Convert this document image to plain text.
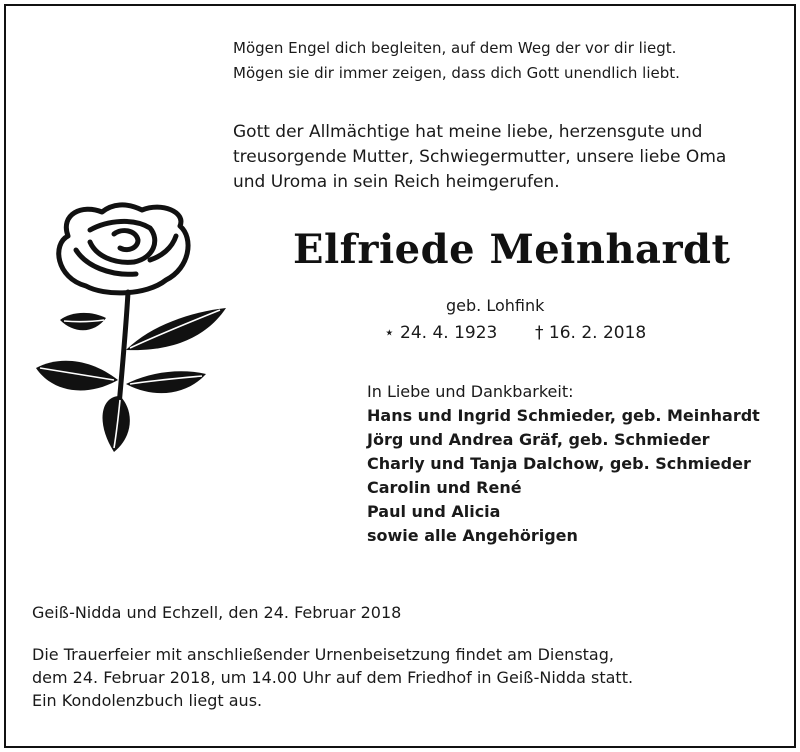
Mögen Engel dich begleiten, auf dem Weg der vor dir liegt.
Mögen sie dir immer zeigen, dass dich Gott unendlich liebt.
Gott der Allmächtige hat meine liebe, herzensgute und
treusorgende Mutter, Schwiegermutter, unsere liebe Oma
und Uroma in sein Reich heimgerufen.
Elfriede Meinhardt
geb. Lohfink
⋆ 24. 4. 1923 † 16. 2. 2018
In Liebe und Dankbarkeit:
Hans und Ingrid Schmieder, geb. Meinhardt
Jörg und Andrea Gräf, geb. Schmieder
Charly und Tanja Dalchow, geb. Schmieder
Carolin und René
Paul und Alicia
sowie alle Angehörigen
Geiß-Nidda und Echzell, den 24. Februar 2018
Die Trauerfeier mit anschließender Urnenbeisetzung findet am Dienstag,
dem 24. Februar 2018, um 14.00 Uhr auf dem Friedhof in Geiß-Nidda statt.
Ein Kondolenzbuch liegt aus.
